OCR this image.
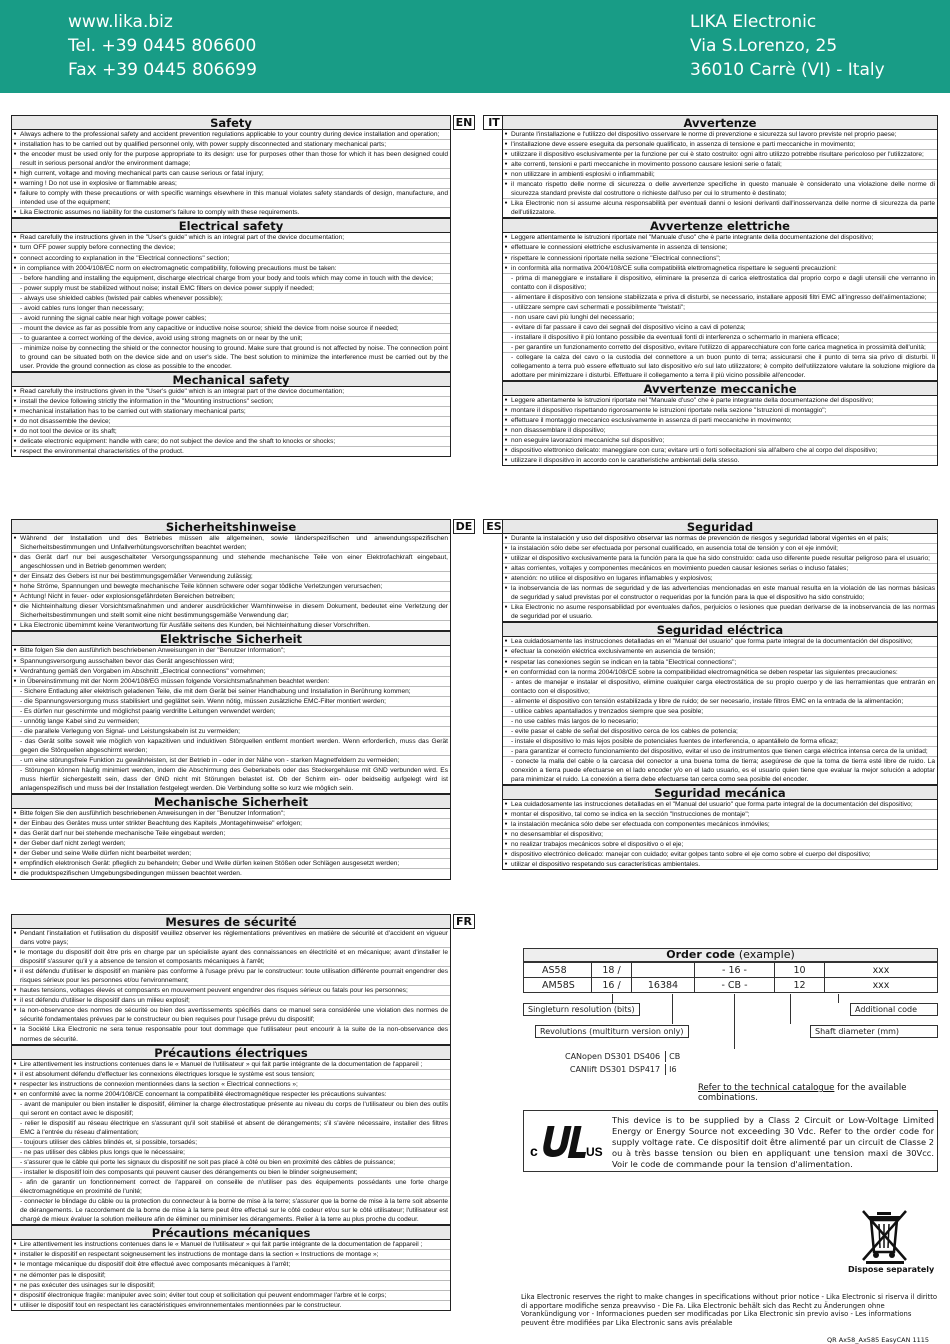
www.lika.biz
Tel. +39 0445 806600
Fax +39 0445 806699
LIKA Electronic
Via S.Lorenzo, 25
36010 Carrè (VI) - Italy
Safety
● Always adhere to the professional safety and accident prevention regulations applicable to your country during device installation and operation;
● installation has to be carried out by qualified personnel only, with power supply disconnected and stationary mechanical parts;
● the encoder must be used only for the purpose appropriate to its design: use for purposes other than those for which it has been designed could result in serious personal and/or the environment damage;
● high current, voltage and moving mechanical parts can cause serious or fatal injury;
● warning ! Do not use in explosive or flammable areas;
● failure to comply with these precautions or with specific warnings elsewhere in this manual violates safety standards of design, manufacture, and intended use of the equipment;
● Lika Electronic assumes no liability for the customer's failure to comply with these requirements.
Electrical safety
● Read carefully the instructions given in the "User's guide" which is an integral part of the device documentation;
● turn OFF power supply before connecting the device;
● connect according to explanation in the "Electrical connections" section;
● in compliance with 2004/108/EC norm on electromagnetic compatibility, following precautions must be taken:
- before handling and installing the equipment, discharge electrical charge from your body and tools which may come in touch with the device;
- power supply must be stabilized without noise; install EMC filters on device power supply if needed;
- always use shielded cables (twisted pair cables whenever possible);
- avoid cables runs longer than necessary;
- avoid running the signal cable near high voltage power cables;
- mount the device as far as possible from any capacitive or inductive noise source; shield the device from noise source if needed;
- to guarantee a correct working of the device, avoid using strong magnets on or near by the unit;
- minimize noise by connecting the shield or the connector housing to ground. Make sure that ground is not affected by noise. The connection point to ground can be situated both on the device side and on user's side. The best solution to minimize the interference must be carried out by the user. Provide the ground connection as close as possible to the encoder.
Mechanical safety
● Read carefully the instructions given in the "User's guide" which is an integral part of the device documentation;
● install the device following strictly the information in the "Mounting instructions" section;
● mechanical installation has to be carried out with stationary mechanical parts;
● do not disassemble the device;
● do not tool the device or its shaft;
● delicate electronic equipment: handle with care; do not subject the device and the shaft to knocks or shocks;
● respect the environmental characteristics of the product.
EN	IT	Avvertenze
● Durante l'installazione e l'utilizzo del dispositivo osservare le norme di prevenzione e sicurezza sul lavoro previste nel proprio paese;
● l'installazione deve essere eseguita da personale qualificato, in assenza di tensione e parti meccaniche in movimento;
● utilizzare il dispositivo esclusivamente per la funzione per cui è stato costruito: ogni altro utilizzo potrebbe risultare pericoloso per l'utilizzatore;
● alte correnti, tensioni e parti meccaniche in movimento possono causare lesioni serie o fatali;
● non utilizzare in ambienti esplosivi o infiammabili;
● il mancato rispetto delle norme di sicurezza o delle avvertenze specifiche in questo manuale è considerato una violazione delle norme di sicurezza standard previste dal costruttore o richieste dall'uso per cui lo strumento è destinato;
● Lika Electronic non si assume alcuna responsabilità per eventuali danni o lesioni derivanti dall'inosservanza delle norme di sicurezza da parte dell'utilizzatore.
Avvertenze elettriche
● Leggere attentamente le istruzioni riportate nel "Manuale d'uso" che è parte integrante della documentazione del dispositivo;
● effettuare le connessioni elettriche esclusivamente in assenza di tensione;
● rispettare le connessioni riportate nella sezione "Electrical connections";
● in conformità alla normativa 2004/108/CE sulla compatibilità elettromagnetica rispettare le seguenti precauzioni:
- prima di maneggiare e installare il dispositivo, eliminare la presenza di carica elettrostatica dal proprio corpo e dagli utensili che verranno in contatto con il dispositivo;
- alimentare il dispositivo con tensione stabilizzata e priva di disturbi, se necessario, installare appositi filtri EMC all'ingresso dell'alimentazione;
- utilizzare sempre cavi schermati e possibilmente "twistati";
- non usare cavi più lunghi del necessario;
- evitare di far passare il cavo dei segnali del dispositivo vicino a cavi di potenza;
- installare il dispositivo il più lontano possibile da eventuali fonti di interferenza o schermarlo in maniera efficace;
- per garantire un funzionamento corretto del dispositivo, evitare l'utilizzo di apparecchiature con forte carica magnetica in prossimità dell'unità;
- collegare la calza del cavo o la custodia del connettore a un buon punto di terra; assicurarsi che il punto di terra sia privo di disturbi. Il collegamento a terra può essere effettuato sul lato dispositivo e/o sul lato utilizzatore; è compito dell'utilizzatore valutare la soluzione migliore da adottare per minimizzare i disturbi. Effettuare il collegamento a terra il più vicino possibile all'encoder.
Avvertenze meccaniche
● Leggere attentamente le istruzioni riportate nel "Manuale d'uso" che è parte integrante della documentazione del dispositivo;
● montare il dispositivo rispettando rigorosamente le istruzioni riportate nella sezione "Istruzioni di montaggio";
● effettuare il montaggio meccanico esclusivamente in assenza di parti meccaniche in movimento;
● non disassemblare il dispositivo;
● non eseguire lavorazioni meccaniche sul dispositivo;
● dispositivo elettronico delicato: maneggiare con cura; evitare urti o forti sollecitazioni sia all'albero che al corpo del dispositivo;
● utilizzare il dispositivo in accordo con le caratteristiche ambientali della stesso.
Sicherheitshinweise
● Während der Installation und des Betriebes müssen alle allgemeinen, sowie länderspezifischen und anwendungsspezifischen Sicherheitsbestimmungen und Unfallverhütungsvorschriften beachtet werden;
● das Gerät darf nur bei ausgeschalteter Versorgungsspannung und stehende mechanische Teile von einer Elektrofachkraft eingebaut, angeschlossen und in Betrieb genommen werden;
● der Einsatz des Gebers ist nur bei bestimmungsgemäßer Verwendung zulässig;
● hohe Ströme, Spannungen und bewegte mechanische Teile können schwere oder sogar tödliche Verletzungen verursachen;
● Achtung! Nicht in feuer- oder explosionsgefährdeten Bereichen betreiben;
● die Nichteinhaltung dieser Vorsichtsmaßnahmen und anderer ausdrücklicher Warnhinweise in diesem Dokument, bedeutet eine Verletzung der Sicherheitsbestimmungen und stellt somit eine nicht bestimmungsgemäße Verwendung dar;
● Lika Electronic übernimmt keine Verantwortung für Ausfälle seitens des Kunden, bei Nichteinhaltung dieser Vorschriften.
Elektrische Sicherheit
● Bitte folgen Sie den ausführlich beschriebenen Anweisungen in der "Benutzer Information";
● Spannungsversorgung ausschalten bevor das Gerät angeschlossen wird;
● Verdrahtung gemäß den Vorgaben im Abschnitt „Electrical connections" vornehmen;
● in Übereinstimmung mit der Norm 2004/108/EG müssen folgende Vorsichtsmaßnahmen beachtet werden:
- Sichere Entladung aller elektrisch geladenen Teile, die mit dem Gerät bei seiner Handhabung und Installation in Berührung kommen;
- die Spannungsversorgung muss stabilisiert und geglättet sein. Wenn nötig, müssen zusätzliche EMC-Filter montiert werden;
- Es dürfen nur geschirmte und möglichst paarig verdrillte Leitungen verwendet werden;
- unnötig lange Kabel sind zu vermeiden;
- die parallele Verlegung von Signal- und Leistungskabeln ist zu vermeiden;
- das Gerät sollte soweit wie möglich von kapazitiven und induktiven Störquellen entfernt montiert werden. Wenn erforderlich, muss das Gerät gegen die Störquellen abgeschirmt werden;
- um eine störungsfreie Funktion zu gewährleisten, ist der Betrieb in - oder in der Nähe von - starken Magnetfeldern zu vermeiden;
- Störungen können häufig minimiert werden, indem die Abschirmung des Geberkabels oder das Steckergehäuse mit GND verbunden wird. Es muss hierfür sichergestellt sein, dass der GND nicht mit Störungen belastet ist. Ob der Schirm ein- oder beidseitig aufgelegt wird ist anlagenspezifisch und muss bei der Installation festgelegt werden. Die Verbindung sollte so kurz wie möglich sein.
Mechanische Sicherheit
● Bitte folgen Sie den ausführlich beschriebenen Anweisungen in der "Benutzer Information";
● der Einbau des Gerätes muss unter strikter Beachtung des Kapitels „Montagehinweise" erfolgen;
● das Gerät darf nur bei stehende mechanische Teile eingebaut werden;
● der Geber darf nicht zerlegt werden;
● der Geber und seine Welle dürfen nicht bearbeitet werden;
● empfindlich elektronisch Gerät: pfleglich zu behandeln; Geber und Welle dürfen keinen Stößen oder Schlägen ausgesetzt werden;
● die produktspezifischen Umgebungsbedingungen müssen beachtet werden.
DE ES	Seguridad
● Durante la instalación y uso del dispositivo observar las normas de prevención de riesgos y seguridad laboral vigentes en el país;
● la instalación sólo debe ser efectuada por personal cualificado, en ausencia total de tensión y con el eje inmóvil;
● utilizar el dispositivo exclusivamente para la función para la que ha sido construido: cada uso diferente puede resultar peligroso para el usuario;
● altas corrientes, voltajes y componentes mecánicos en movimiento pueden causar lesiones serias o incluso fatales;
● atención: no utilice el dispositivo en lugares inflamables y explosivos;
● la inobservancia de las normas de seguridad y de las advertencias mencionadas en este manual resulta en la violación de las normas básicas de seguridad y salud previstas por el constructor o requeridas por la función para la que el dispositivo ha sido construido;
● Lika Electronic no asume responsabilidad por eventuales daños, perjuicios o lesiones que puedan derivarse de la inobservancia de las normas de seguridad por el usuario.
Seguridad eléctrica
● Lea cuidadosamente las instrucciones detalladas en el "Manual del usuario" que forma parte integral de la documentación del dispositivo;
● efectuar la conexión eléctrica exclusivamente en ausencia de tensión;
● respetar las conexiones según se indican en la tabla "Electrical connections";
● en conformidad con la norma 2004/108/CE sobre la compatibilidad electromagnética se deben respetar las siguientes precauciones:
- antes de manejar e instalar el dispositivo, elimine cualquier carga electrostática de su propio cuerpo y de las herramientas que entrarán en contacto con el dispositivo;
- alimente el dispositivo con tensión estabilizada y libre de ruido; de ser necesario, instale filtros EMC en la entrada de la alimentación;
- utilice cables apantallados y trenzados siempre que sea posible;
- no use cables más largos de lo necesario;
- evite pasar el cable de señal del dispositivo cerca de los cables de potencia;
- instale el dispositivo lo más lejos posible de potenciales fuentes de interferencia, o apantállelo de forma eficaz;
- para garantizar el correcto funcionamiento del dispositivo, evitar el uso de instrumentos que tienen carga eléctrica intensa cerca de la unidad;
- conecte la malla del cable o la carcasa del conector a una buena toma de tierra; asegúrese de que la toma de tierra esté libre de ruido. La conexión a tierra puede efectuarse en el lado encoder y/o en el lado usuario, es el usuario quien tiene que evaluar la mejor solución a adoptar para minimizar el ruido. La conexión a tierra debe efectuarse tan cerca como sea posible del encoder.
Seguridad mecánica
● Lea cuidadosamente las instrucciones detalladas en el "Manual del usuario" que forma parte integral de la documentación del dispositivo;
● montar el dispositivo, tal como se indica en la sección "Instrucciones de montaje";
● la instalación mecánica sólo debe ser efectuada con componentes mecánicos inmóviles;
● no desensamblar el dispositivo;
● no realizar trabajos mecánicos sobre el dispositivo o el eje;
● dispositivo electrónico delicado: manejar con cuidado; evitar golpes tanto sobre el eje como sobre el cuerpo del dispositivo;
● utilizar el dispositivo respetando sus características ambientales.
Mesures de sécurité
● Pendant l'installation et l'utilisation du dispositif veuillez observer les réglementations préventives en matière de sécurité et d'accident en vigueur dans votre pays;
● le montage du dispositif doit être pris en charge par un spécialiste ayant des connaissances en électricité et en mécanique; avant d'installer le dispositif s'assurer qu'il y a absence de tension et composants mécaniques à l'arrêt;
● il est défendu d'utiliser le dispositif en manière pas conforme à l'usage prévu par le constructeur: toute utilisation différente pourrait engendrer des risques sérieux pour les personnes et/ou l'environnement;
● hautes tensions, voltages élevés et composants en mouvement peuvent engendrer des risques sérieux ou fatals pour les personnes;
● il est défendu d'utiliser le dispositif dans un milieu explosif;
● la non-observance des normes de sécurité ou bien des avertissements spécifiés dans ce manuel sera considérée une violation des normes de sécurité fondamentales prévues par le constructeur ou bien requises pour l'usage prévu du dispositif;
● la Société Lika Electronic ne sera tenue responsable pour tout dommage que l'utilisateur peut encourir à la suite de la non-observance des normes de sécurité.
Précautions électriques
● Lire attentivement les instructions contenues dans le « Manuel de l'utilisateur » qui fait partie intégrante de la documentation de l'appareil ;
● il est absolument défendu d'effectuer les connexions électriques lorsque le système est sous tension;
● respecter les instructions de connexion mentionnées dans la section « Electrical connections »;
● en conformité avec la norme 2004/108/CE concernant la compatibilité électromagnétique respecter les précautions suivantes:
- avant de manipuler ou bien installer le dispositif, éliminer la charge électrostatique présente au niveau du corps de l'utilisateur ou bien des outils qui seront en contact avec le dispositif;
- relier le dispositif au réseau électrique en s'assurant qu'il soit stabilisé et absent de dérangements; s'il s'avère nécessaire, installer des filtres EMC à l'entrée du réseau d'alimentation;
- toujours utiliser des câbles blindés et, si possible, torsadés;
- ne pas utiliser des câbles plus longs que le nécessaire;
- s'assurer que le câble qui porte les signaux du dispositif ne soit pas placé à côté ou bien en proximité des câbles de puissance;
- installer le dispositif loin des composants qui peuvent causer des dérangements ou bien le blinder soigneusement;
- afin de garantir un fonctionnement correct de l'appareil on conseille de n'utiliser pas des équipements possédants une forte charge électromagnétique en proximité de l'unité;
- connecter le blindage du câble ou la protection du connecteur à la borne de mise à la terre; s'assurer que la borne de mise à la terre soit absente de dérangements. Le raccordement de la borne de mise à la terre peut être effectué sur le côté codeur et/ou sur le côté utilisateur; l'utilisateur est chargé de mieux évaluer la solution meilleure afin de éliminer ou minimiser les dérangements. Relier à la terre au plus proche du codeur.
Précautions mécaniques
● Lire attentivement les instructions contenues dans le « Manuel de l'utilisateur » qui fait partie intégrante de la documentation de l'appareil ;
● installer le dispositif en respectant soigneusement les instructions de montage dans la section « Instructions de montage »;
● le montage mécanique du dispositif doit être effectué avec composants mécaniques à l'arrêt;
● ne démonter pas le dispositif;
● ne pas exécuter des usinages sur le dispositif;
● dispositif électronique fragile: manipuler avec soin; éviter tout coup et sollicitation qui peuvent endommager l'arbre et le corps;
● utiliser le dispositif tout en respectant les caractéristiques environnementales mentionnées par le constructeur.
FR
Order code (example)
AS58	18 /		- 16 -	10	xxx
AM58S	16 /	16384	- CB -	12	xxx
Singleturn resolution (bits)
Revolutions (multiturn version only)
Additional code
Shaft diameter (mm)
CANopen DS301 DS406	CB
CANlift DS301 DSP417	I6
Refer to the technical catalogue for the available combinations.
c	US
This device is to be supplied by a Class 2 Circuit or Low-Voltage Limited Energy or Energy Source not exceeding 30 Vdc. Refer to the order code for supply voltage rate. Ce dispositif doit être alimenté par un circuit de Classe 2 ou à très basse tension ou bien en appliquant une tension maxi de 30Vcc. Voir le code de commande pour la tension d'alimentation.
Dispose separately
Lika Electronic reserves the right to make changes in specifications without prior notice - Lika Electronic si riserva il diritto di apportare modifiche senza preavviso - Die Fa. Lika Electronic behält sich das Recht zu Änderungen ohne Vorankündigung vor - Informaciones pueden ser modificadas por Lika Electronic sin previo aviso - Les informations peuvent être modifiées par Lika Electronic sans avis préalable
QR Ax58_Ax585 EasyCAN 1115
